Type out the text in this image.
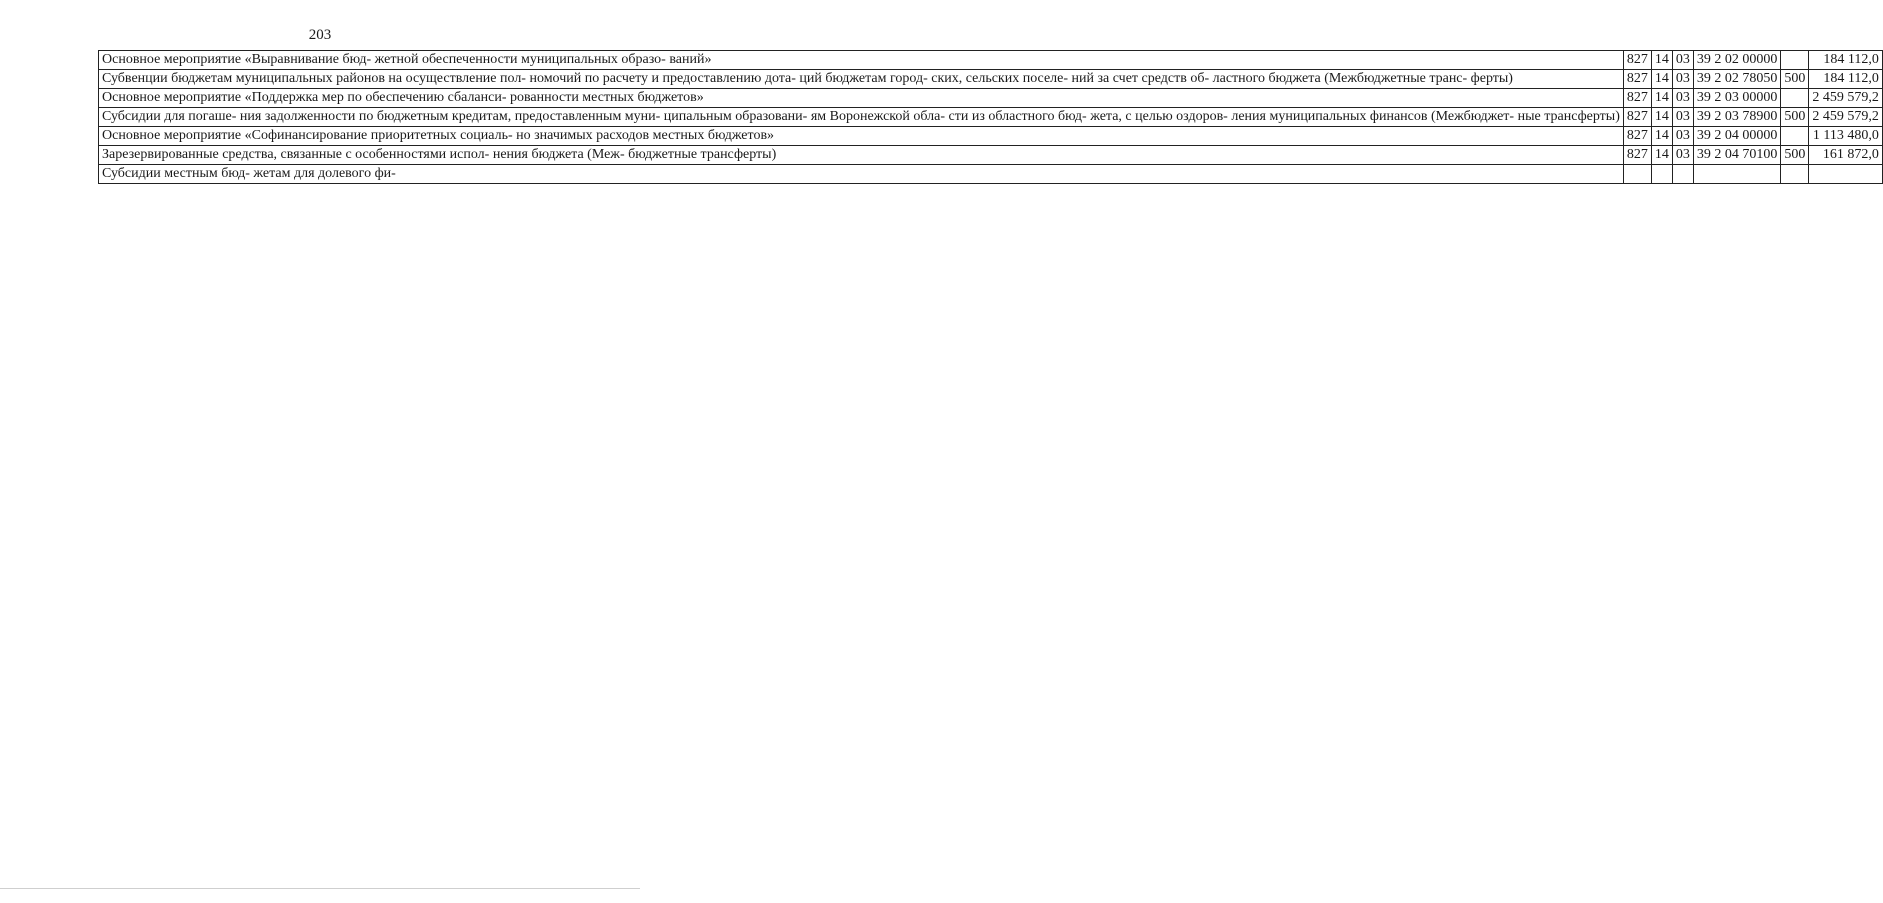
203
Основное мероприятие «Выравнивание бюд- жетной обеспеченности муниципальных образо- ваний»	827	14	03	39 2 02 00000		184 112,0
Субвенции бюджетам муниципальных районов на осуществление пол- номочий по расчету и предоставлению дота- ций бюджетам город- ских, сельских поселе- ний за счет средств об- ластного бюджета (Межбюджетные транс- ферты)	827	14	03	39 2 02 78050	500	184 112,0
Основное мероприятие «Поддержка мер по обеспечению сбаланси- рованности местных бюджетов»	827	14	03	39 2 03 00000		2 459 579,2
Субсидии для погаше- ния задолженности по бюджетным кредитам, предоставленным муни- ципальным образовани- ям Воронежской обла- сти из областного бюд- жета, с целью оздоров- ления муниципальных финансов (Межбюджет- ные трансферты)	827	14	03	39 2 03 78900	500	2 459 579,2
Основное мероприятие «Софинансирование приоритетных социаль- но значимых расходов местных бюджетов»	827	14	03	39 2 04 00000		1 113 480,0
Зарезервированные средства, связанные с особенностями испол- нения бюджета (Меж- бюджетные трансферты)	827	14	03	39 2 04 70100	500	161 872,0
Субсидии местным бюд- жетам для долевого фи-						
